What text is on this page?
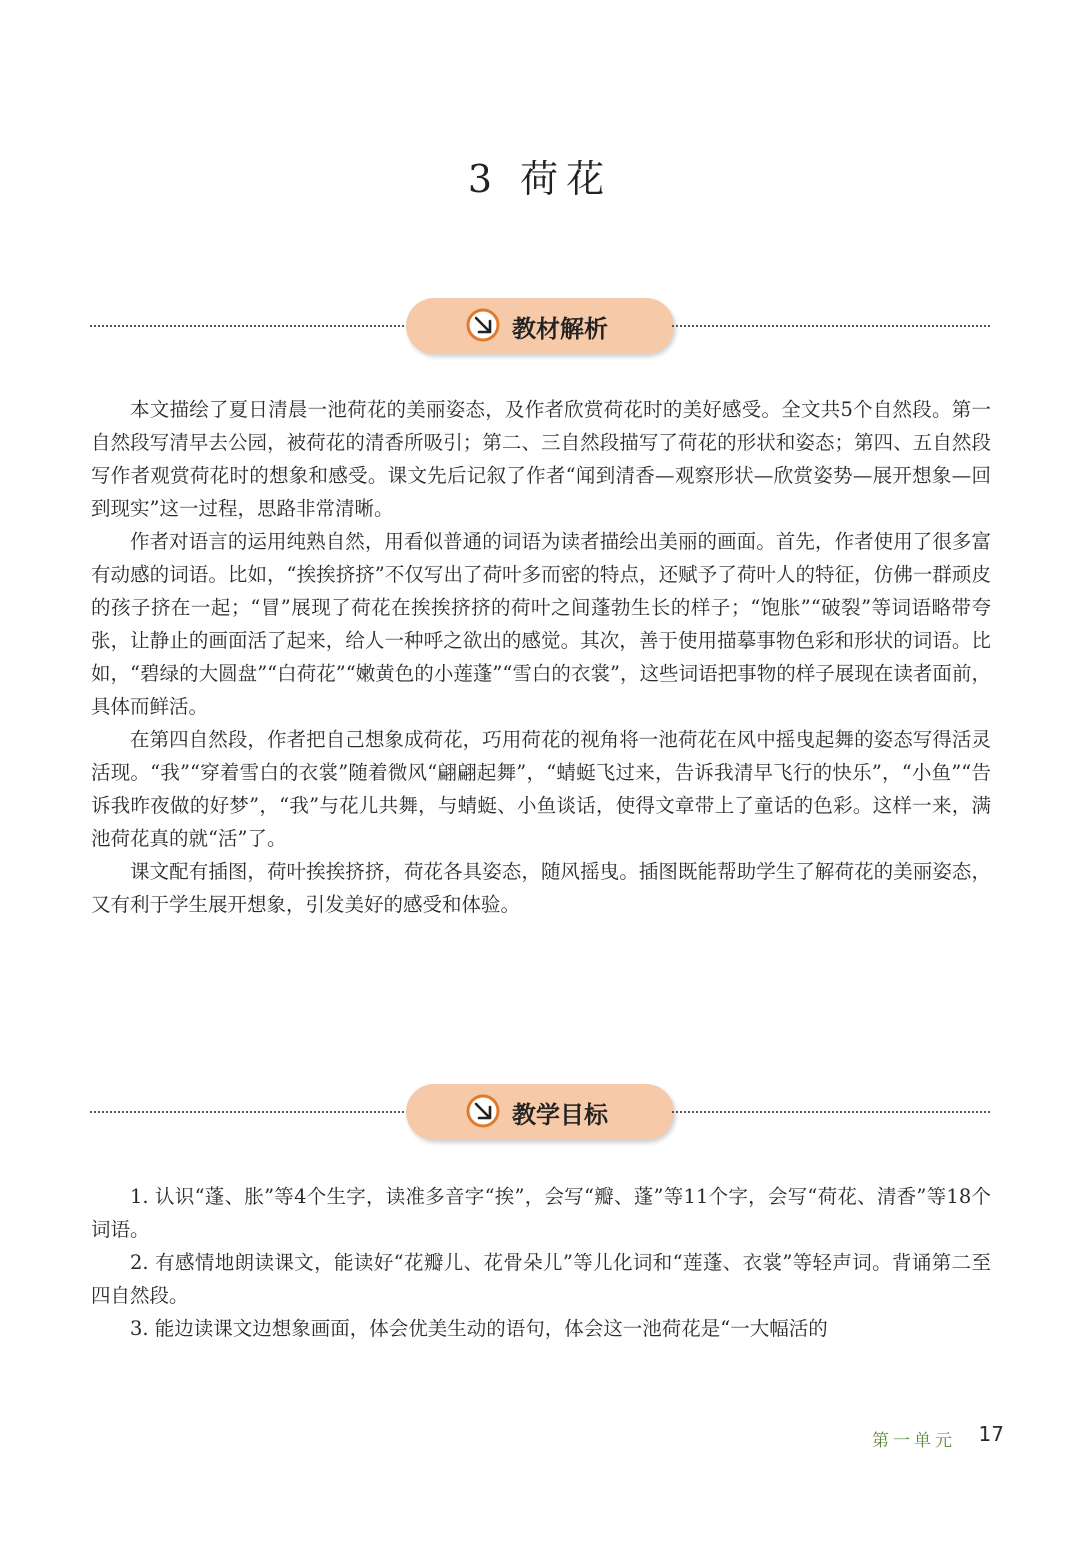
3 荷花
教材解析

本文描绘了夏日清晨一池荷花的美丽姿态，及作者欣赏荷花时的美好感受。全文共5个自然段。第一自然段写清早去公园，被荷花的清香所吸引；第二、三自然段描写了荷花的形状和姿态；第四、五自然段写作者观赏荷花时的想象和感受。课文先后记叙了作者“闻到清香—观察形状—欣赏姿势—展开想象—回到现实”这一过程，思路非常清晰。

作者对语言的运用纯熟自然，用看似普通的词语为读者描绘出美丽的画面。首先，作者使用了很多富有动感的词语。比如，“挨挨挤挤”不仅写出了荷叶多而密的特点，还赋予了荷叶人的特征，仿佛一群顽皮的孩子挤在一起；“冒”展现了荷花在挨挨挤挤的荷叶之间蓬勃生长的样子；“饱胀”“破裂”等词语略带夸张，让静止的画面活了起来，给人一种呼之欲出的感觉。其次，善于使用描摹事物色彩和形状的词语。比如，“碧绿的大圆盘”“白荷花”“嫩黄色的小莲蓬”“雪白的衣裳”，这些词语把事物的样子展现在读者面前，具体而鲜活。

在第四自然段，作者把自己想象成荷花，巧用荷花的视角将一池荷花在风中摇曳起舞的姿态写得活灵活现。“我”“穿着雪白的衣裳”随着微风“翩翩起舞”，“蜻蜓飞过来，告诉我清早飞行的快乐”，“小鱼”“告诉我昨夜做的好梦”，“我”与花儿共舞，与蜻蜓、小鱼谈话，使得文章带上了童话的色彩。这样一来，满池荷花真的就“活”了。

课文配有插图，荷叶挨挨挤挤，荷花各具姿态，随风摇曳。插图既能帮助学生了解荷花的美丽姿态，又有利于学生展开想象，引发美好的感受和体验。

教学目标

1. 认识“蓬、胀”等4个生字，读准多音字“挨”，会写“瓣、蓬”等11个字，会写“荷花、清香”等18个词语。

2. 有感情地朗读课文，能读好“花瓣儿、花骨朵儿”等儿化词和“莲蓬、衣裳”等轻声词。背诵第二至四自然段。

3. 能边读课文边想象画面，体会优美生动的语句，体会这一池荷花是“一大幅活的

第一单元 17
